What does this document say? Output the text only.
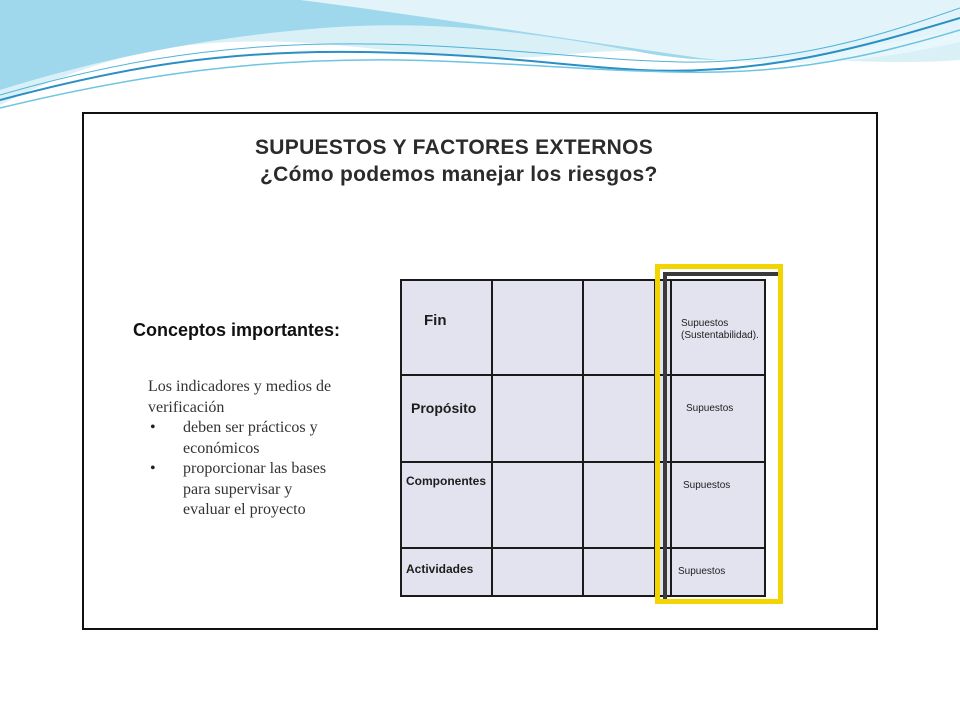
SUPUESTOS Y FACTORES EXTERNOS
¿Cómo podemos manejar los riesgos?
Conceptos importantes:
Los indicadores y medios de
verificación
• deben ser prácticos y
económicos
• proporcionar las bases
para supervisar y
evaluar el proyecto
Fin
Propósito
Componentes
Actividades
Supuestos
(Sustentabilidad).
Supuestos
Supuestos
Supuestos
